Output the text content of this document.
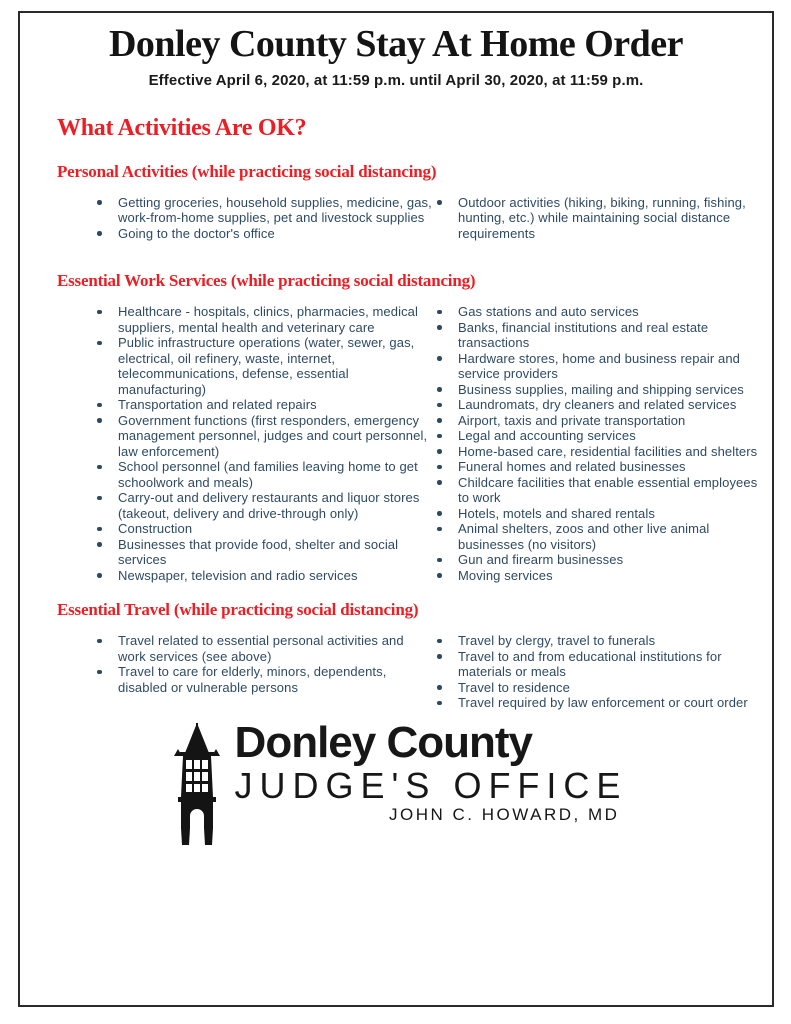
Donley County Stay At Home Order
Effective April 6, 2020, at 11:59 p.m. until April 30, 2020, at 11:59 p.m.
What Activities Are OK?
Personal Activities (while practicing social distancing)
Getting groceries, household supplies, medicine, gas, work-from-home supplies, pet and livestock supplies
Going to the doctor's office
Outdoor activities (hiking, biking, running, fishing, hunting, etc.) while maintaining social distance requirements
Essential Work Services (while practicing social distancing)
Healthcare - hospitals, clinics, pharmacies, medical suppliers, mental health and veterinary care
Public infrastructure operations (water, sewer, gas, electrical, oil refinery, waste, internet, telecommunications, defense, essential manufacturing)
Transportation and related repairs
Government functions (first responders, emergency management personnel, judges and court personnel, law enforcement)
School personnel (and families leaving home to get schoolwork and meals)
Carry-out and delivery restaurants and liquor stores (takeout, delivery and drive-through only)
Construction
Businesses that provide food, shelter and social services
Newspaper, television and radio services
Gas stations and auto services
Banks, financial institutions and real estate transactions
Hardware stores, home and business repair and service providers
Business supplies, mailing and shipping services
Laundromats, dry cleaners and related services
Airport, taxis and private transportation
Legal and accounting services
Home-based care, residential facilities and shelters
Funeral homes and related businesses
Childcare facilities that enable essential employees to work
Hotels, motels and shared rentals
Animal shelters, zoos and other live animal businesses (no visitors)
Gun and firearm businesses
Moving services
Essential Travel (while practicing social distancing)
Travel related to essential personal activities and work services (see above)
Travel to care for elderly, minors, dependents, disabled or vulnerable persons
Travel by clergy, travel to funerals
Travel to and from educational institutions for materials or meals
Travel to residence
Travel required by law enforcement or court order
Donley County
JUDGE'S OFFICE
JOHN C. HOWARD, MD
